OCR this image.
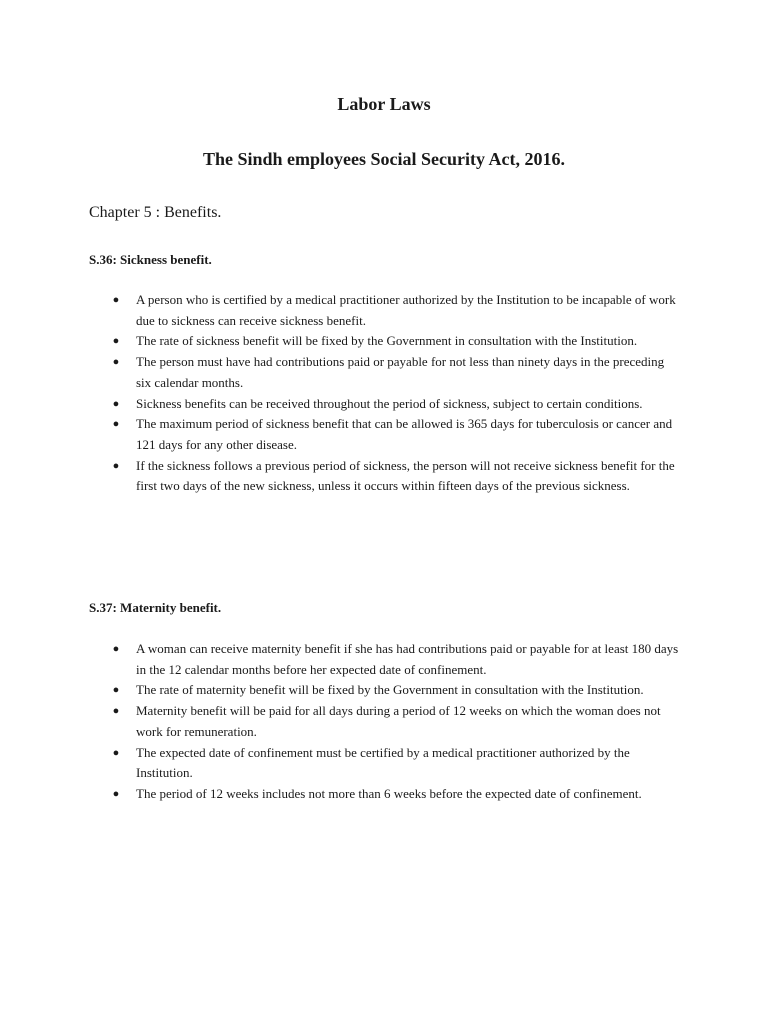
Labor Laws
The Sindh employees Social Security Act, 2016.
Chapter 5 : Benefits.
S.36: Sickness benefit.
● A person who is certified by a medical practitioner authorized by the Institution to be incapable of work due to sickness can receive sickness benefit.
● The rate of sickness benefit will be fixed by the Government in consultation with the Institution.
● The person must have had contributions paid or payable for not less than ninety days in the preceding six calendar months.
● Sickness benefits can be received throughout the period of sickness, subject to certain conditions.
● The maximum period of sickness benefit that can be allowed is 365 days for tuberculosis or cancer and 121 days for any other disease.
● If the sickness follows a previous period of sickness, the person will not receive sickness benefit for the first two days of the new sickness, unless it occurs within fifteen days of the previous sickness.
S.37: Maternity benefit.
● A woman can receive maternity benefit if she has had contributions paid or payable for at least 180 days in the 12 calendar months before her expected date of confinement.
● The rate of maternity benefit will be fixed by the Government in consultation with the Institution.
● Maternity benefit will be paid for all days during a period of 12 weeks on which the woman does not work for remuneration.
● The expected date of confinement must be certified by a medical practitioner authorized by the Institution.
● The period of 12 weeks includes not more than 6 weeks before the expected date of confinement.
